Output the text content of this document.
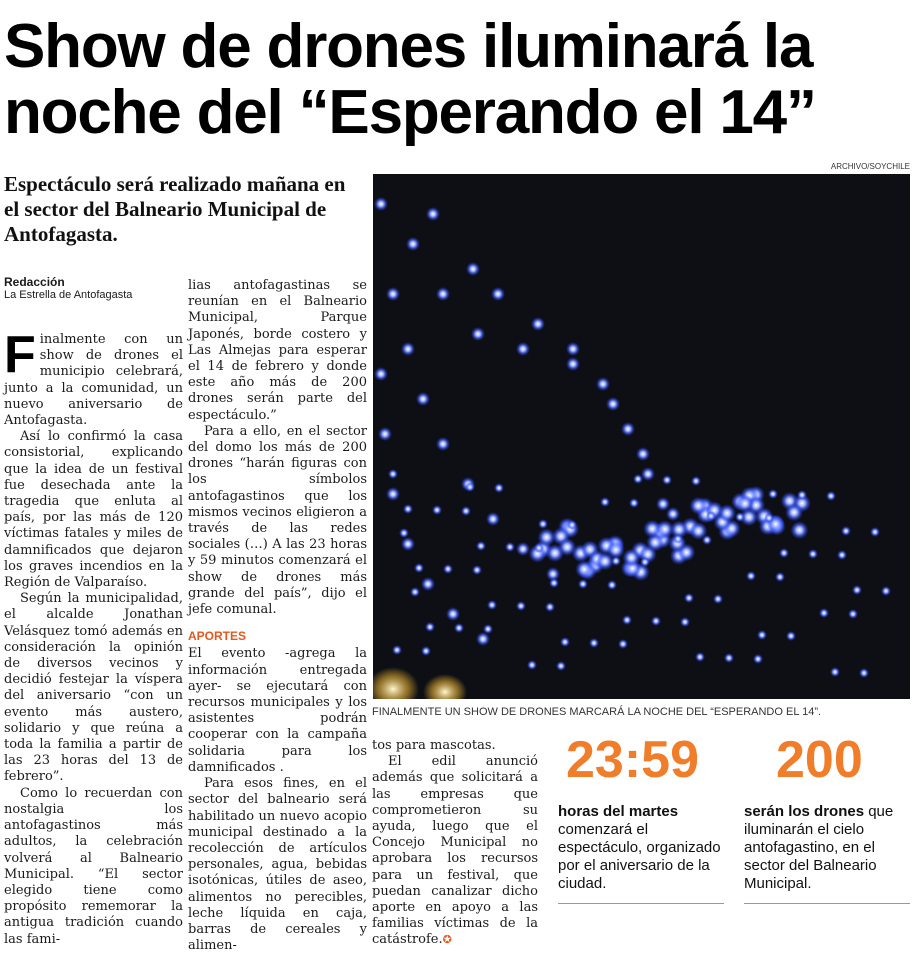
Show de drones iluminará la noche del “Esperando el 14”
Espectáculo será realizado mañana en el sector del Balneario Municipal de Antofagasta.
Redacción
La Estrella de Antofagasta

Finalmente con un show de drones el municipio celebrará, junto a la comunidad, un nuevo aniversario de Antofagasta.

Así lo confirmó la casa consistorial, explicando que la idea de un festival fue desechada ante la tragedia que enluta al país, por las más de 120 víctimas fatales y miles de damnificados que dejaron los graves incendios en la Región de Valparaíso.

Según la municipalidad, el alcalde Jonathan Velásquez tomó además en consideración la opinión de diversos vecinos y decidió festejar la víspera del aniversario “con un evento más austero, solidario y que reúna a toda la familia a partir de las 23 horas del 13 de febrero”.

Como lo recuerdan con nostalgia los antofagastinos más adultos, la celebración volverá al Balneario Municipal. “El sector elegido tiene como propósito rememorar la antigua tradición cuando las fami-

lias antofagastinas se reunían en el Balneario Municipal, Parque Japonés, borde costero y Las Almejas para esperar el 14 de febrero y donde este año más de 200 drones serán parte del espectáculo.”

Para a ello, en el sector del domo los más de 200 drones “harán figuras con los símbolos antofagastinos que los mismos vecinos eligieron a través de las redes sociales (…) A las 23 horas y 59 minutos comenzará el show de drones más grande del país”, dijo el jefe comunal.

APORTES

El evento -agrega la información entregada ayer- se ejecutará con recursos municipales y los asistentes podrán cooperar con la campaña solidaria para los damnificados .

Para esos fines, en el sector del balneario será habilitado un nuevo acopio municipal destinado a la recolección de artículos personales, agua, bebidas isotónicas, útiles de aseo, alimentos no perecibles, leche líquida en caja, barras de cereales y alimen-

tos para mascotas.

El edil anunció además que solicitará a las empresas que comprometieron su ayuda, luego que el Concejo Municipal no aprobara los recursos para un festival, que puedan canalizar dicho aporte en apoyo a las familias víctimas de la catástrofe.✪

ARCHIVO/SOYCHILE
FINALMENTE UN SHOW DE DRONES MARCARÁ LA NOCHE DEL “ESPERANDO EL 14”.
23:59 200
horas del martes comenzará el espectáculo, organizado por el aniversario de la ciudad.
serán los drones que iluminarán el cielo antofagastino, en el sector del Balneario Municipal.
